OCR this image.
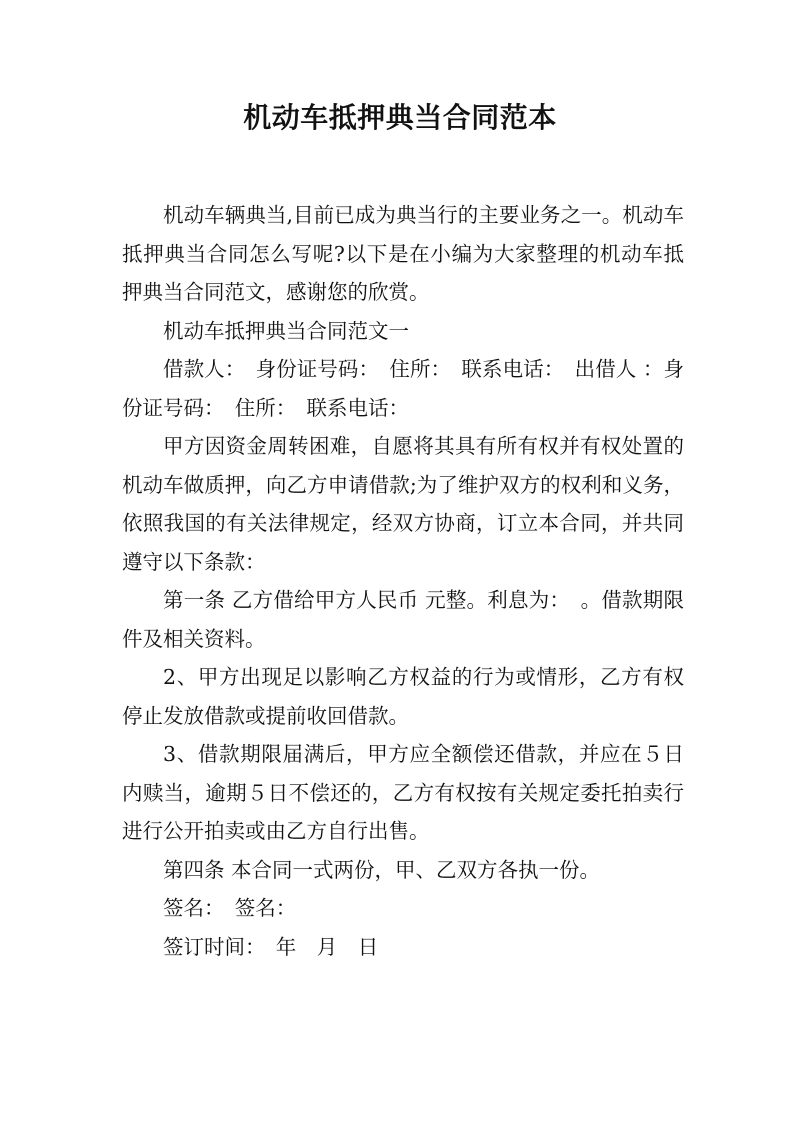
机动车抵押典当合同范本

机动车辆典当,目前已成为典当行的主要业务之一。机动车抵押典当合同怎么写呢?以下是在小编为大家整理的机动车抵押典当合同范文，感谢您的欣赏。

机动车抵押典当合同范文一

借款人：　身份证号码：　住所：　联系电话：　出借人 ：身份证号码：　住所：　联系电话：

甲方因资金周转困难，自愿将其具有所有权并有权处置的机动车做质押，向乙方申请借款;为了维护双方的权利和义务，依照我国的有关法律规定，经双方协商，订立本合同，并共同遵守以下条款：

第一条 乙方借给甲方人民币 元整。利息为：　。借款期限件及相关资料。

2、甲方出现足以影响乙方权益的行为或情形，乙方有权停止发放借款或提前收回借款。

3、借款期限届满后，甲方应全额偿还借款，并应在５日内赎当，逾期５日不偿还的，乙方有权按有关规定委托拍卖行进行公开拍卖或由乙方自行出售。

第四条 本合同一式两份，甲、乙双方各执一份。

签名：　签名：

签订时间：　年　月　日
